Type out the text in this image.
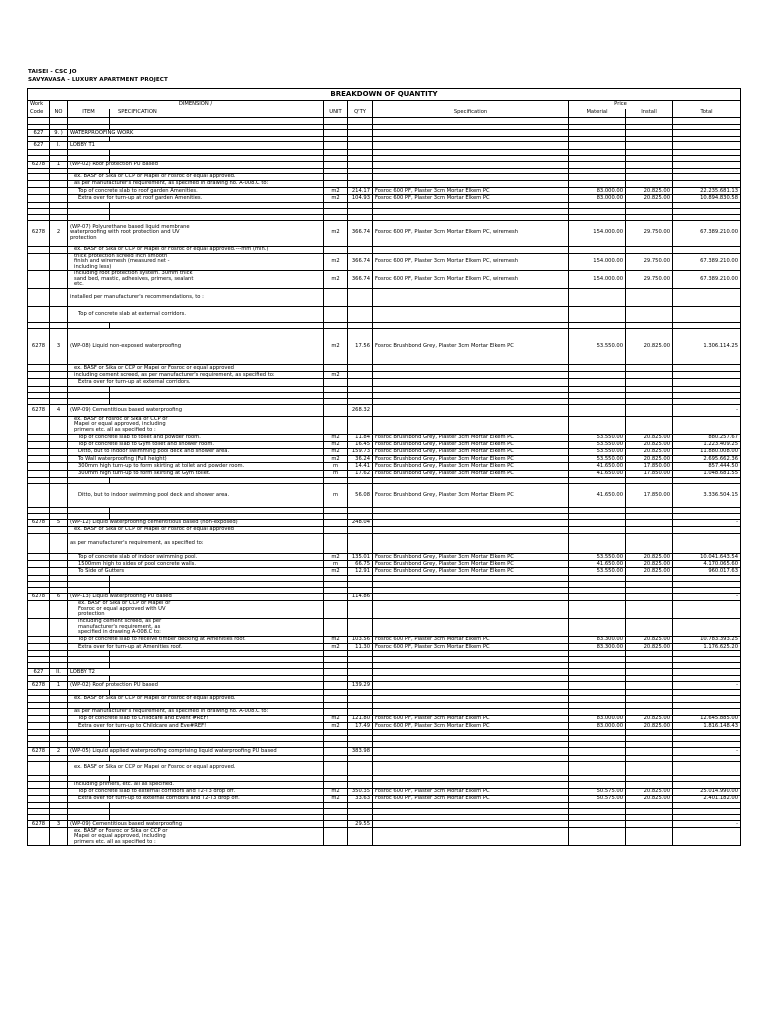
TAISEI - CSC JO
SAVYAVASA - LUXURY APARTMENT PROJECT
BREAKDOWN OF QUANTITY									
Work		DIMENSION /					Price		
Code	NO	ITEM	SPECIFICATION	UNIT	Q'TY	Specification	Material	Install	Total

627	9. )	WATERPROOFING WORK							

627	I.	LOBBY T1							

6278	1	(WP-02) Roof protection PU based							

		ex. BASF or Sika or CCP or Mapei or Fosroc or equal approved.							
		as per manufacturer's requirement, as specified in drawing no. A-008.C to:							
		Top of concrete slab to roof garden Amenities.		m2	214.17	Fosroc 600 PF, Plaster 3cm Mortar Elkem PC	83.000.00	20.825.00	22.235.681.13
		Extra over for turn-up at roof garden Amenities.		m2	104.93	Fosroc 600 PF, Plaster 3cm Mortar Elkem PC	83.000.00	20.825.00	10.894.830.58

6278	2	(WP-07) Polyurethane based liquid membrane
waterproofing with root protection and UV
protection		m2	366.74	Fosroc 600 PF, Plaster 3cm Mortar Elkem PC, wiremesh	154.000.00	29.750.00	67.389.210.00
		ex. BASF or Sika or CCP or Mapei or Fosroc or equal approved.---mm (min.)							
		thick protection screed inch smooth
finish and wiremesh (measured net -
including less)		m2	366.74	Fosroc 600 PF, Plaster 3cm Mortar Elkem PC, wiremesh	154.000.00	29.750.00	67.389.210.00
		including root protection system. 30mm thick
sand bed, mastic, adhesives, primers, sealant
etc.		m2	366.74	Fosroc 600 PF, Plaster 3cm Mortar Elkem PC, wiremesh	154.000.00	29.750.00	67.389.210.00
		installed per manufacturer's recommendations, to :							
		Top of concrete slab at external corridors.							

6278	3	(WP-08) Liquid non-exposed waterproofing		m2	17.56	Fosroc Brushbond Grey, Plaster 3cm Mortar Elkem PC	53.550.00	20.825.00	1.306.114.25
		ex. BASF or Sika or CCP or Mapei or Fosroc or equal approved							
		including cement screed, as per manufacturer's requirement, as specified to:		m2					
		Extra over for turn-up at external corridors.							

6278	4	(WP-09) Cementitious based waterproofing			268.32				-
		ex. BASF or Fosroc or Sika or CCP or
Mapei or equal approved, including
primers etc. all as specified to :							
		Top of concrete slab to toilet and powder room.		m2	11.84	Fosroc Brushbond Grey, Plaster 3cm Mortar Elkem PC	53.550.00	20.825.00	880.257.67
		Top of concrete slab to Gym toilet and shower room.		m2	16.45	Fosroc Brushbond Grey, Plaster 3cm Mortar Elkem PC	53.550.00	20.825.00	1.223.409.25
		Ditto, but to indoor swimming pool deck and shower area.		m2	159.73	Fosroc Brushbond Grey, Plaster 3cm Mortar Elkem PC	53.550.00	20.825.00	11.880.008.00
		To Wall waterproofing (Full height)		m2	36.24	Fosroc Brushbond Grey, Plaster 3cm Mortar Elkem PC	53.550.00	20.825.00	2.695.662.36
		300mm high turn-up to form skirting at toilet and powder room.		m	14.41	Fosroc Brushbond Grey, Plaster 3cm Mortar Elkem PC	41.650.00	17.850.00	857.444.50
		300mm high turn-up to form skirting at Gym toilet.		m	17.62	Fosroc Brushbond Grey, Plaster 3cm Mortar Elkem PC	41.650.00	17.850.00	1.048.681.55

		Ditto, but to indoor swimming pool deck and shower area.		m	56.08	Fosroc Brushbond Grey, Plaster 3cm Mortar Elkem PC	41.650.00	17.850.00	3.336.504.15

6278	5	(WP-12) Liquid waterproofing cementitious based (non-exposed)			248.04				-
		ex. BASF or Sika or CCP or Mapei or Fosroc or equal approved							
		as per manufacturer's requirement, as specified to:							
		Top of concrete slab of indoor swimming pool.		m2	135.01	Fosroc Brushbond Grey, Plaster 3cm Mortar Elkem PC	53.550.00	20.825.00	10.041.643.54
		1500mm high to sides of pool concrete walls.		m	66.75	Fosroc Brushbond Grey, Plaster 3cm Mortar Elkem PC	41.650.00	20.825.00	4.170.065.60
		To Side of Gutters		m2	12.91	Fosroc Brushbond Grey, Plaster 3cm Mortar Elkem PC	53.550.00	20.825.00	960.017.63

6278	6	(WP-13) Liquid waterproofing PU based			114.86				-
		ex. BASF or Sika or CCP or Mapei or
Fosroc or equal approved with UV
protection							
		including cement screed, as per
manufacturer's requirement, as
specified in drawing A-008.C to:							
		Top of concrete slab to receive timber decking at Amenities roof.		m2	103.56	Fosroc 600 PF, Plaster 3cm Mortar Elkem PC	83.300.00	20.825.00	10.783.393.25
		Extra over for turn-up at Amenities roof.		m2	11.30	Fosroc 600 PF, Plaster 3cm Mortar Elkem PC	83.300.00	20.825.00	1.176.625.20

627	II.	LOBBY T2							

6278	1	(WP-02) Roof protection PU based			139.29				-

		ex. BASF or Sika or CCP or Mapei or Fosroc or equal approved.							

		as per manufacturer's requirement, as specified in drawing no. A-008.C to:							
		Top of concrete slab to Childcare and Event #REF!		m2	121.80	Fosroc 600 PF, Plaster 3cm Mortar Elkem PC	83.000.00	20.825.00	12.645.885.00
		Extra over for turn-up to Childcare and Eve#REF!		m2	17.49	Fosroc 600 PF, Plaster 3cm Mortar Elkem PC	83.000.00	20.825.00	1.816.148.43

6278	2	(WP-05) Liquid applied waterproofing comprising liquid waterproofing PU based			383.98				-

		ex. BASF or Sika or CCP or Mapei or Fosroc or equal approved.							

		including primers, etc. all as specified.							
		Top of concrete slab to external corridors and T2-T3 drop off.		m2	350.35	Fosroc 600 PF, Plaster 3cm Mortar Elkem PC	50.575.00	20.825.00	25.014.990.00
		Extra over for turn-up to external corridors and T2-T3 drop off.		m2	33.63	Fosroc 600 PF, Plaster 3cm Mortar Elkem PC	50.575.00	20.825.00	2.401.182.00

6278	3	(WP-09) Cementitious based waterproofing			29.55				-
		ex. BASF or Fosroc or Sika or CCP or
Mapei or equal approved, including
primers etc. all as specified to :							
